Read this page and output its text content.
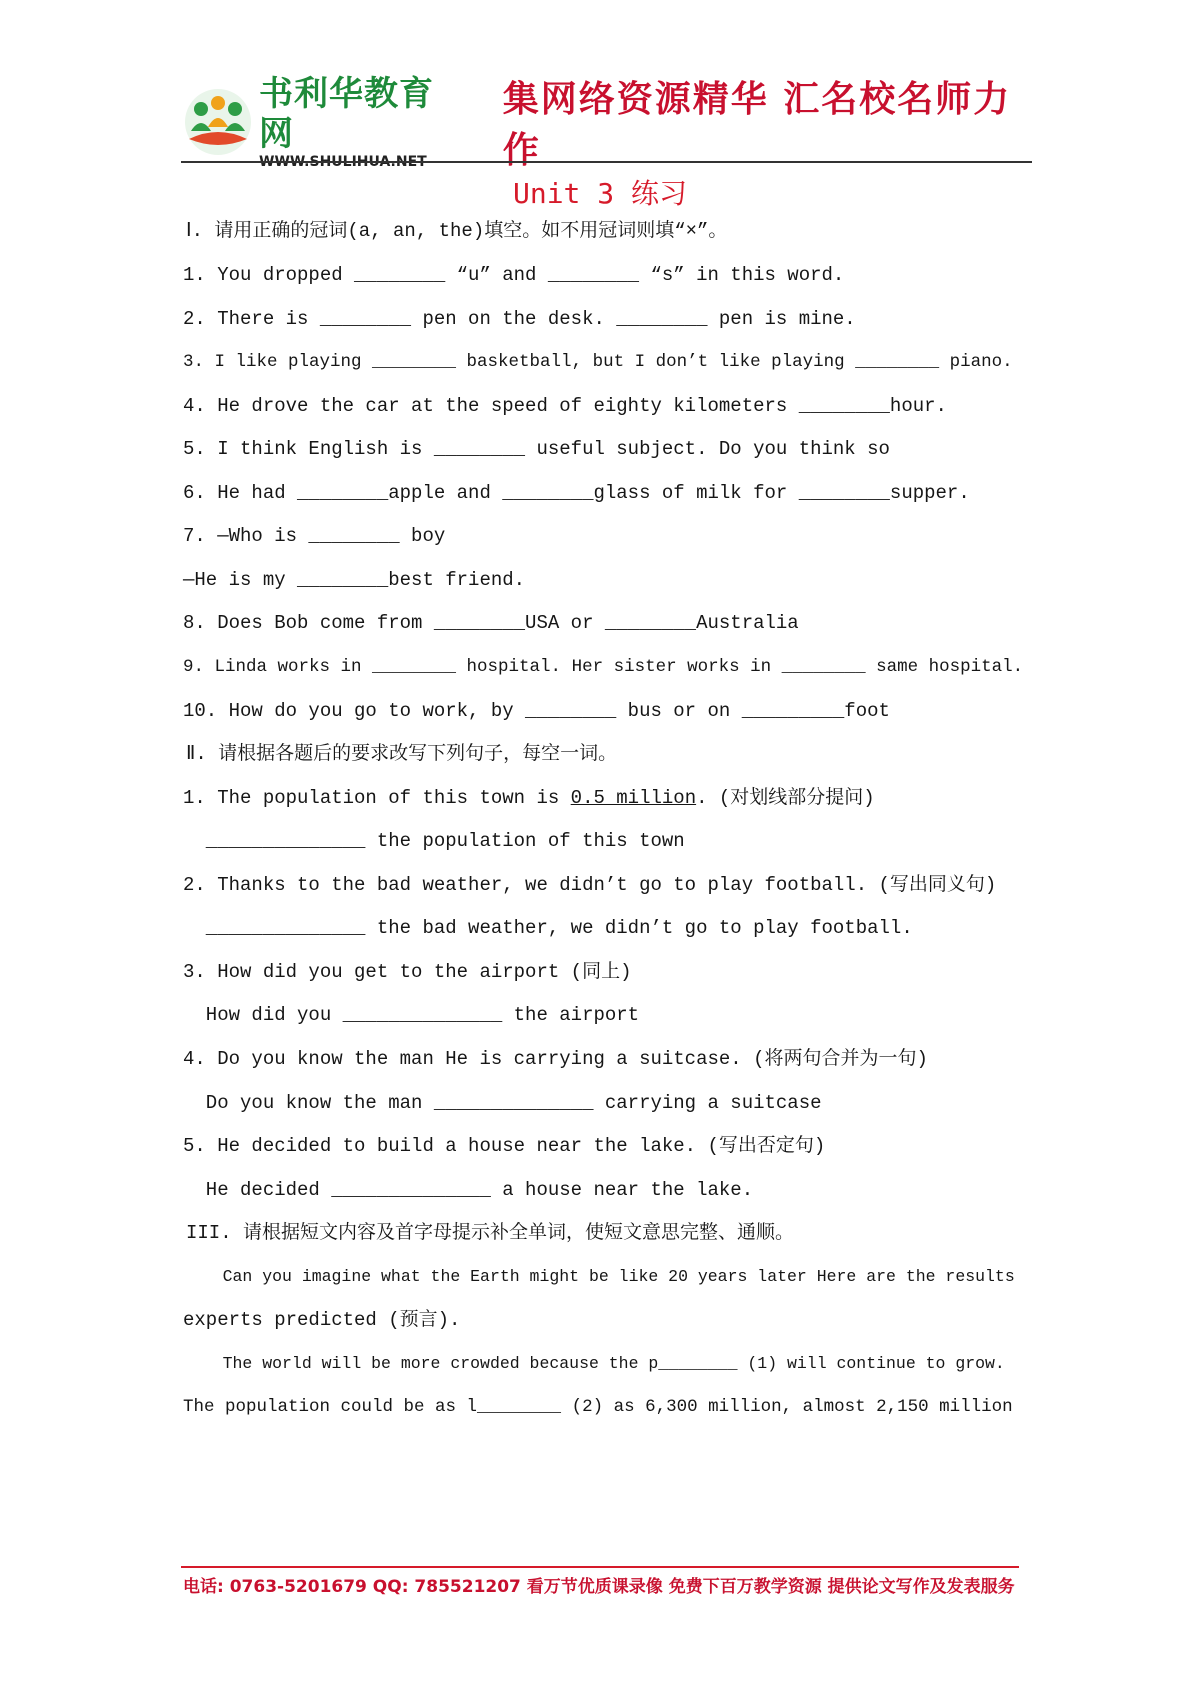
书利华教育网
WWW.SHULIHUA.NET
集网络资源精华 汇名校名师力作
Unit 3 练习
Ⅰ. 请用正确的冠词(a, an, the)填空。如不用冠词则填“×”。
1. You dropped ________ “u” and ________ “s” in this word.
2. There is ________ pen on the desk. ________ pen is mine.
3. I like playing ________ basketball, but I don’t like playing ________ piano.
4. He drove the car at the speed of eighty kilometers ________hour.
5. I think English is ________ useful subject. Do you think so
6. He had ________apple and ________glass of milk for ________supper.
7. —Who is ________ boy
—He is my ________best friend.
8. Does Bob come from ________USA or ________Australia
9. Linda works in ________ hospital. Her sister works in ________ same hospital.
10. How do you go to work, by ________ bus or on _________foot
Ⅱ. 请根据各题后的要求改写下列句子，每空一词。
1. The population of this town is 0.5 million. (对划线部分提问)
______________ the population of this town
2. Thanks to the bad weather, we didn’t go to play football. (写出同义句)
______________ the bad weather, we didn’t go to play football.
3. How did you get to the airport (同上)
How did you ______________ the airport
4. Do you know the man He is carrying a suitcase. (将两句合并为一句)
Do you know the man ______________ carrying a suitcase
5. He decided to build a house near the lake. (写出否定句)
He decided ______________ a house near the lake.
III. 请根据短文内容及首字母提示补全单词，使短文意思完整、通顺。
Can you imagine what the Earth might be like 20 years later Here are the results
experts predicted (预言).
The world will be more crowded because the p________ (1) will continue to grow.
The population could be as l________ (2) as 6,300 million, almost 2,150 million
电话: 0763-5201679 QQ: 785521207 看万节优质课录像 免费下百万教学资源 提供论文写作及发表服务
